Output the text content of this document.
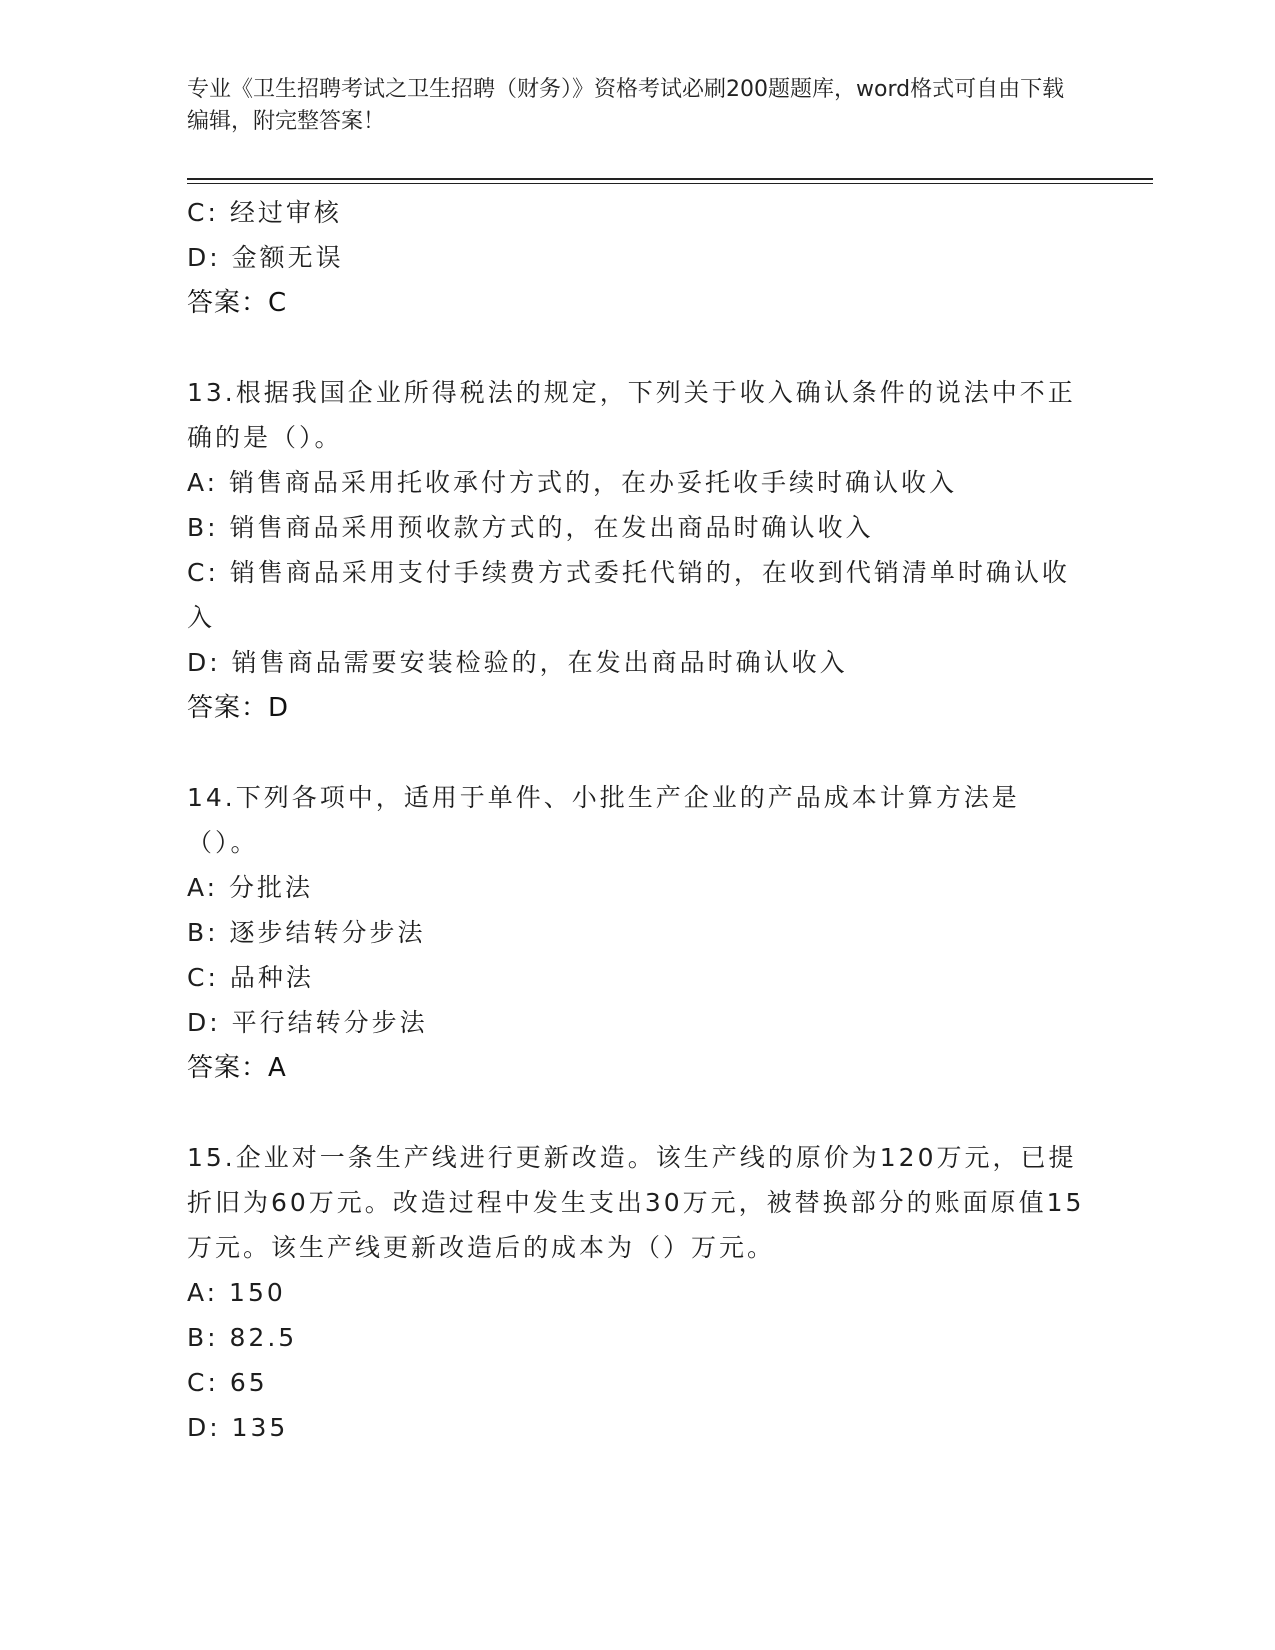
专业《卫生招聘考试之卫生招聘（财务）》资格考试必刷200题题库，word格式可自由下载编辑，附完整答案！

C: 经过审核

D: 金额无误

答案：C

13.根据我国企业所得税法的规定，下列关于收入确认条件的说法中不正确的是（）。

A: 销售商品采用托收承付方式的，在办妥托收手续时确认收入

B: 销售商品采用预收款方式的，在发出商品时确认收入

C: 销售商品采用支付手续费方式委托代销的，在收到代销清单时确认收入

D: 销售商品需要安装检验的，在发出商品时确认收入

答案：D

14.下列各项中，适用于单件、小批生产企业的产品成本计算方法是（）。

A: 分批法

B: 逐步结转分步法

C: 品种法

D: 平行结转分步法

答案：A

15.企业对一条生产线进行更新改造。该生产线的原价为120万元，已提折旧为60万元。改造过程中发生支出30万元，被替换部分的账面原值15万元。该生产线更新改造后的成本为（）万元。

A: 150

B: 82.5

C: 65

D: 135
